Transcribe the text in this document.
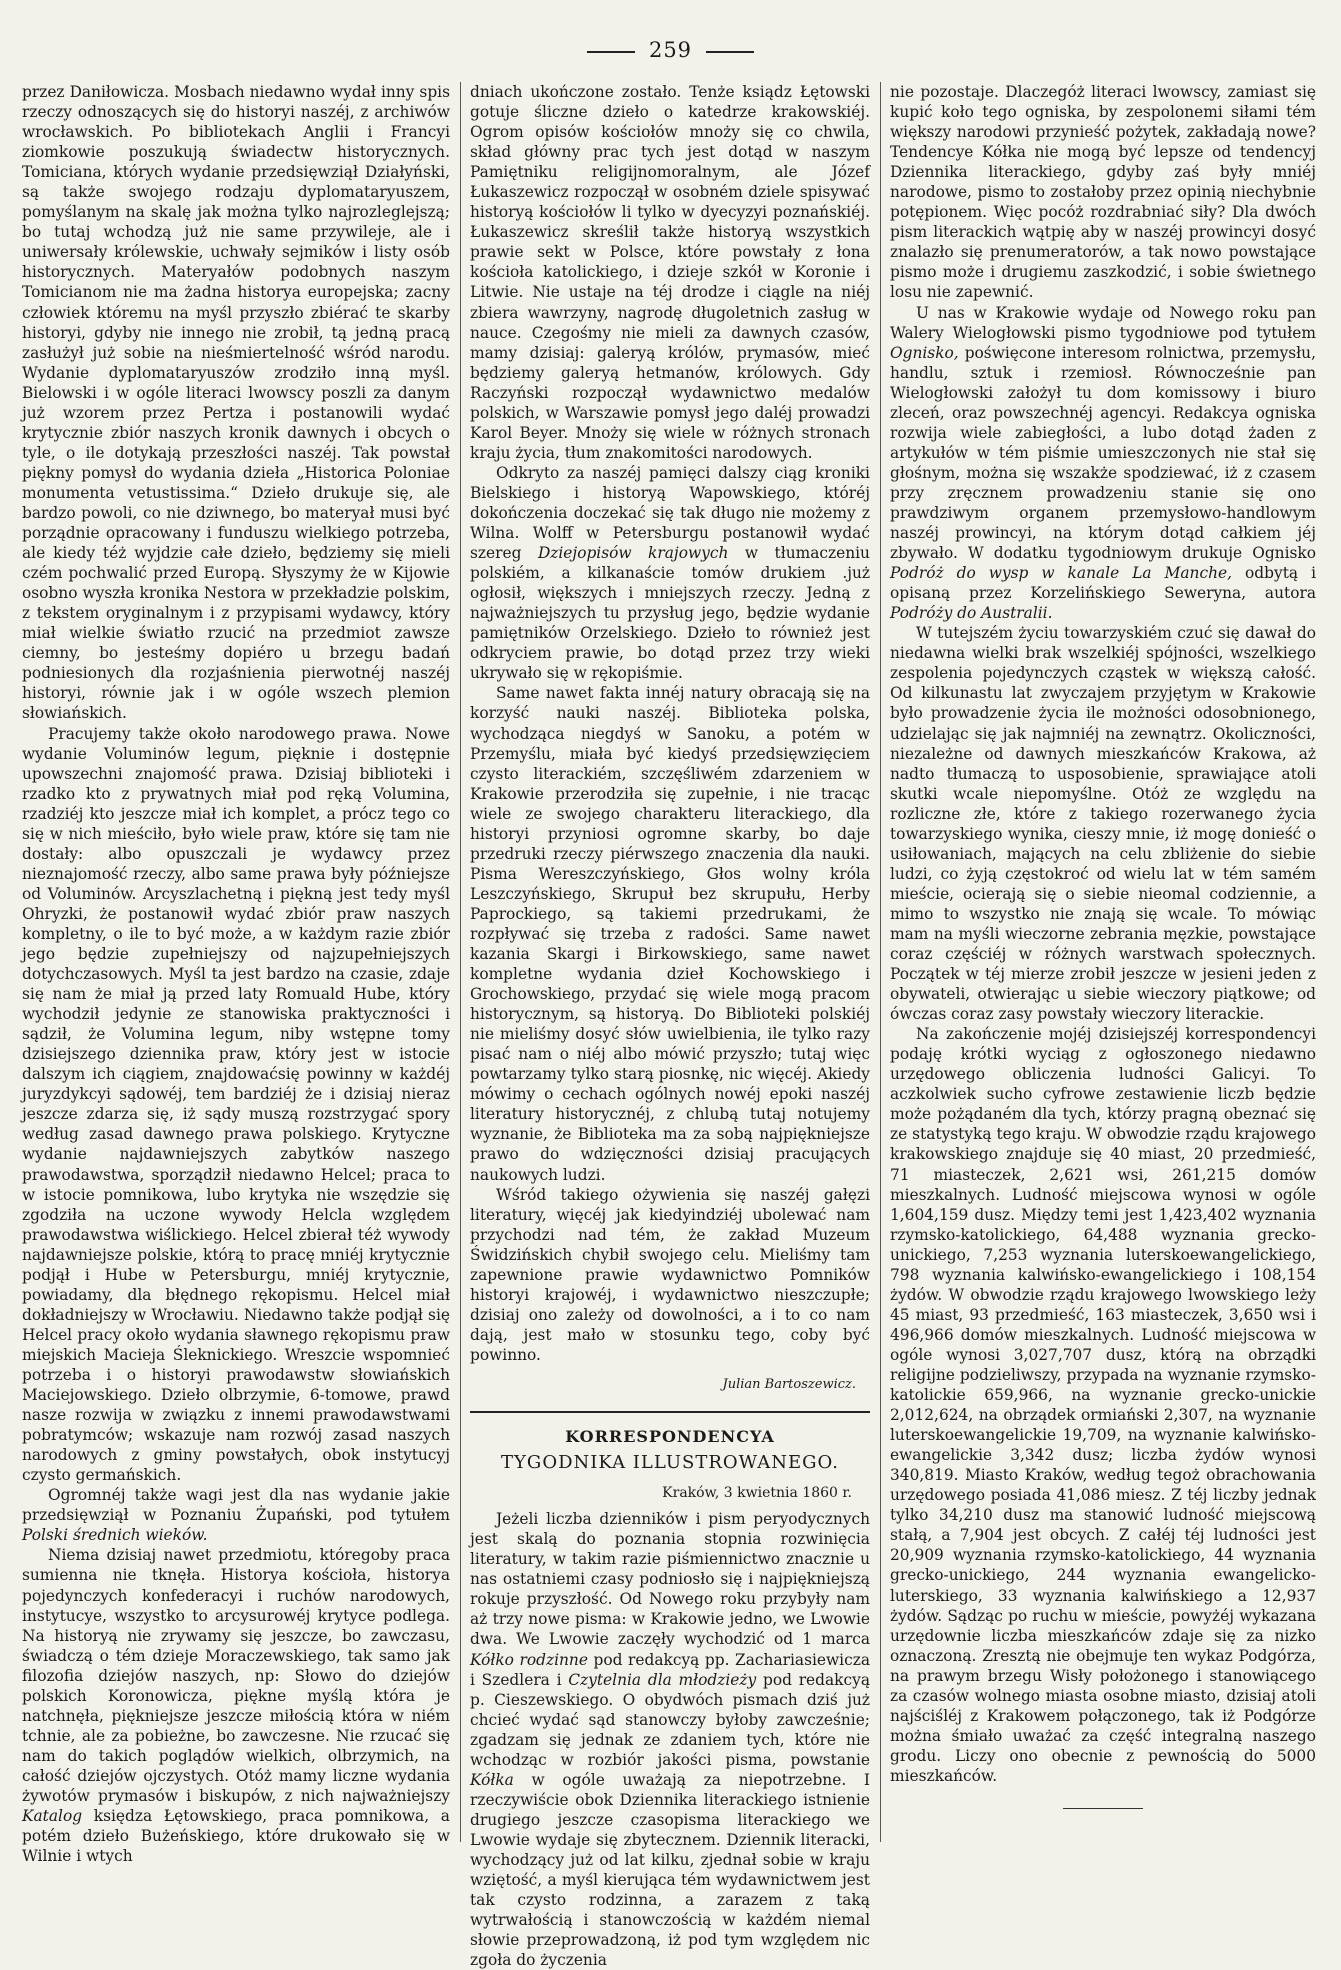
259

przez Daniłowicza. Mosbach niedawno wydał inny spis rzeczy odnoszących się do historyi naszéj, z archiwów wrocławskich. Po bibliotekach Anglii i Francyi ziomkowie poszukują świadectw historycznych. Tomiciana, których wydanie przedsięwziął Działyński, są także swojego rodzaju dyplomataryuszem, pomyślanym na skalę jak można tylko najrozleglejszą; bo tutaj wchodzą już nie same przywileje, ale i uniwersały królewskie, uchwały sejmików i listy osób historycznych. Materyałów podobnych naszym Tomicianom nie ma żadna historya europejska; zacny człowiek któremu na myśl przyszło zbiérać te skarby historyi, gdyby nie innego nie zrobił, tą jedną pracą zasłużył już sobie na nieśmiertelność wśród narodu. Wydanie dyplomataryuszów zrodziło inną myśl. Bielowski i w ogóle literaci lwowscy poszli za danym już wzorem przez Pertza i postanowili wydać krytycznie zbiór naszych kronik dawnych i obcych o tyle, o ile dotykają przeszłości naszéj. Tak powstał piękny pomysł do wydania dzieła „Historica Poloniae monumenta vetustissima.“ Dzieło drukuje się, ale bardzo powoli, co nie dziwnego, bo materyał musi być porządnie opracowany i funduszu wielkiego potrzeba, ale kiedy téż wyjdzie całe dzieło, będziemy się mieli czém pochwalić przed Europą. Słyszymy że w Kijowie osobno wyszła kronika Nestora w przekładzie polskim, z tekstem oryginalnym i z przypisami wydawcy, który miał wielkie światło rzucić na przedmiot zawsze ciemny, bo jesteśmy dopiéro u brzegu badań podniesionych dla rozjaśnienia pierwotnéj naszéj historyi, równie jak i w ogóle wszech plemion słowiańskich.

Pracujemy także około narodowego prawa. Nowe wydanie Voluminów legum, pięknie i dostępnie upowszechni znajomość prawa. Dzisiaj biblioteki i rzadko kto z prywatnych miał pod ręką Volumina, rzadziéj kto jeszcze miał ich komplet, a prócz tego co się w nich mieściło, było wiele praw, które się tam nie dostały: albo opuszczali je wydawcy przez nieznajomość rzeczy, albo same prawa były późniejsze od Voluminów. Arcyszlachetną i piękną jest tedy myśl Ohryzki, że postanowił wydać zbiór praw naszych kompletny, o ile to być może, a w każdym razie zbiór jego będzie zupełniejszy od najzupełniejszych dotychczasowych. Myśl ta jest bardzo na czasie, zdaje się nam że miał ją przed laty Romuald Hube, który wychodził jedynie ze stanowiska praktyczności i sądził, że Volumina legum, niby wstępne tomy dzisiejszego dziennika praw, który jest w istocie dalszym ich ciągiem, znajdowaćsię powinny w każdéj juryzdykcyi sądowéj, tem bardziéj że i dzisiaj nieraz jeszcze zdarza się, iż sądy muszą rozstrzygać spory według zasad dawnego prawa polskiego. Krytyczne wydanie najdawniejszych zabytków naszego prawodawstwa, sporządził niedawno Helcel; praca to w istocie pomnikowa, lubo krytyka nie wszędzie się zgodziła na uczone wywody Helcla względem prawodawstwa wiślickiego. Helcel zbierał téż wywody najdawniejsze polskie, którą to pracę mniéj krytycznie podjął i Hube w Petersburgu, mniéj krytycznie, powiadamy, dla błędnego rękopismu. Helcel miał dokładniejszy w Wrocławiu. Niedawno także podjął się Helcel pracy około wydania sławnego rękopismu praw miejskich Macieja Śleknickiego. Wreszcie wspomnieć potrzeba i o historyi prawodawstw słowiańskich Maciejowskiego. Dzieło olbrzymie, 6-tomowe, prawd nasze rozwija w związku z innemi prawodawstwami pobratymców; wskazuje nam rozwój zasad naszych narodowych z gminy powstałych, obok instytucyj czysto germańskich.

Ogromnéj także wagi jest dla nas wydanie jakie przedsięwziął w Poznaniu Żupański, pod tytułem Polski średnich wieków.

Niema dzisiaj nawet przedmiotu, któregoby praca sumienna nie tknęła. Historya kościoła, historya pojedynczych konfederacyi i ruchów narodowych, instytucye, wszystko to arcysurowéj krytyce podlega. Na historyą nie zrywamy się jeszcze, bo zawczasu, świadczą o tém dzieje Moraczewskiego, tak samo jak filozofia dziejów naszych, np: Słowo do dziejów polskich Koronowicza, piękne myślą która je natchnęła, piękniejsze jeszcze miłością która w niém tchnie, ale za pobieżne, bo zawczesne. Nie rzucać się nam do takich poglądów wielkich, olbrzymich, na całość dziejów ojczystych. Otóż mamy liczne wydania żywotów prymasów i biskupów, z nich najważniejszy Katalog księdza Łętowskiego, praca pomnikowa, a potém dzieło Bużeńskiego, które drukowało się w Wilnie i wtych

dniach ukończone zostało. Tenże ksiądz Łętowski gotuje śliczne dzieło o katedrze krakowskiéj. Ogrom opisów kościołów mnoży się co chwila, skład główny prac tych jest dotąd w naszym Pamiętniku religijnomoralnym, ale Józef Łukaszewicz rozpoczął w osobném dziele spisywać historyą kościołów li tylko w dyecyzyi poznańskiéj. Łukaszewicz skreślił także historyą wszystkich prawie sekt w Polsce, które powstały z łona kościoła katolickiego, i dzieje szkół w Koronie i Litwie. Nie ustaje na téj drodze i ciągle na niéj zbiera wawrzyny, nagrodę długoletnich zasług w nauce. Czegośmy nie mieli za dawnych czasów, mamy dzisiaj: galeryą królów, prymasów, mieć będziemy galeryą hetmanów, królowych. Gdy Raczyński rozpoczął wydawnictwo medalów polskich, w Warszawie pomysł jego daléj prowadzi Karol Beyer. Mnoży się wiele w różnych stronach kraju życia, tłum znakomitości narodowych.

Odkryto za naszéj pamięci dalszy ciąg kroniki Bielskiego i historyą Wapowskiego, któréj dokończenia doczekać się tak długo nie możemy z Wilna. Wolff w Petersburgu postanowił wydać szereg Dziejopisów krajowych w tłumaczeniu polskiém, a kilkanaście tomów drukiem .już ogłosił, większych i mniejszych rzeczy. Jedną z najważniejszych tu przysług jego, będzie wydanie pamiętników Orzelskiego. Dzieło to również jest odkryciem prawie, bo dotąd przez trzy wieki ukrywało się w rękopiśmie.

Same nawet fakta innéj natury obracają się na korzyść nauki naszéj. Biblioteka polska, wychodząca niegdyś w Sanoku, a potém w Przemyślu, miała być kiedyś przedsięwzięciem czysto literackiém, szczęśliwém zdarzeniem w Krakowie przerodziła się zupełnie, i nie tracąc wiele ze swojego charakteru literackiego, dla historyi przyniosi ogromne skarby, bo daje przedruki rzeczy piérwszego znaczenia dla nauki. Pisma Wereszczyńskiego, Głos wolny króla Leszczyńskiego, Skrupuł bez skrupułu, Herby Paprockiego, są takiemi przedrukami, że rozpływać się trzeba z radości. Same nawet kazania Skargi i Birkowskiego, same nawet kompletne wydania dzieł Kochowskiego i Grochowskiego, przydać się wiele mogą pracom historycznym, są historyą. Do Biblioteki polskiéj nie mieliśmy dosyć słów uwielbienia, ile tylko razy pisać nam o niéj albo mówić przyszło; tutaj więc powtarzamy tylko starą piosnkę, nic więcéj. Akiedy mówimy o cechach ogólnych nowéj epoki naszéj literatury historycznéj, z chlubą tutaj notujemy wyznanie, że Biblioteka ma za sobą najpiękniejsze prawo do wdzięczności dzisiaj pracujących naukowych ludzi.

Wśród takiego ożywienia się naszéj gałęzi literatury, więcéj jak kiedyindziéj ubolewać nam przychodzi nad tém, że zakład Muzeum Świdzińskich chybił swojego celu. Mieliśmy tam zapewnione prawie wydawnictwo Pomników historyi krajowéj, i wydawnictwo nieszczupłe; dzisiaj ono zależy od dowolności, a i to co nam dają, jest mało w stosunku tego, coby być powinno.

Julian Bartoszewicz.
KORRESPONDENCYA
TYGODNIKA ILLUSTROWANEGO.
Kraków, 3 kwietnia 1860 r.

Jeżeli liczba dzienników i pism peryodycznych jest skalą do poznania stopnia rozwinięcia literatury, w takim razie piśmiennictwo znacznie u nas ostatniemi czasy podniosło się i najpiękniejszą rokuje przyszłość. Od Nowego roku przybyły nam aż trzy nowe pisma: w Krakowie jedno, we Lwowie dwa. We Lwowie zaczęły wychodzić od 1 marca Kółko rodzinne pod redakcyą pp. Zachariasiewicza i Szedlera i Czytelnia dla młodzieży pod redakcyą p. Cieszewskiego. O obydwóch pismach dziś już chcieć wydać sąd stanowczy byłoby zawcześnie; zgadzam się jednak ze zdaniem tych, które nie wchodząc w rozbiór jakości pisma, powstanie Kółka w ogóle uważają za niepotrzebne. I rzeczywiście obok Dziennika literackiego istnienie drugiego jeszcze czasopisma literackiego we Lwowie wydaje się zbytecznem. Dziennik literacki, wychodzący już od lat kilku, zjednał sobie w kraju wziętość, a myśl kierująca tém wydawnictwem jest tak czysto rodzinna, a zarazem z taką wytrwałością i stanowczością w każdém niemal słowie przeprowadzoną, iż pod tym względem nic zgoła do życzenia

nie pozostaje. Dlaczegóż literaci lwowscy, zamiast się kupić koło tego ogniska, by zespolonemi siłami tém większy narodowi przynieść pożytek, zakładają nowe? Tendencye Kółka nie mogą być lepsze od tendencyj Dziennika literackiego, gdyby zaś były mniéj narodowe, pismo to zostałoby przez opinią niechybnie potępionem. Więc pocóż rozdrabniać siły? Dla dwóch pism literackich wątpię aby w naszéj prowincyi dosyć znalazło się prenumeratorów, a tak nowo powstające pismo może i drugiemu zaszkodzić, i sobie świetnego losu nie zapewnić.

U nas w Krakowie wydaje od Nowego roku pan Walery Wielogłowski pismo tygodniowe pod tytułem Ognisko, poświęcone interesom rolnictwa, przemysłu, handlu, sztuk i rzemiosł. Równocześnie pan Wielogłowski założył tu dom komissowy i biuro zleceń, oraz powszechnéj agencyi. Redakcya ogniska rozwija wiele zabiegłości, a lubo dotąd żaden z artykułów w tém piśmie umieszczonych nie stał się głośnym, można się wszakże spodziewać, iż z czasem przy zręcznem prowadzeniu stanie się ono prawdziwym organem przemysłowo-handlowym naszéj prowincyi, na którym dotąd całkiem jéj zbywało. W dodatku tygodniowym drukuje Ognisko Podróż do wysp w kanale La Manche, odbytą i opisaną przez Korzelińskiego Seweryna, autora Podróży do Australii.

W tutejszém życiu towarzyskiém czuć się dawał do niedawna wielki brak wszelkiéj spójności, wszelkiego zespolenia pojedynczych cząstek w większą całość. Od kilkunastu lat zwyczajem przyjętym w Krakowie było prowadzenie życia ile możności odosobnionego, udzielając się jak najmniéj na zewnątrz. Okoliczności, niezależne od dawnych mieszkańców Krakowa, aż nadto tłumaczą to usposobienie, sprawiające atoli skutki wcale niepomyślne. Otóż ze względu na rozliczne złe, które z takiego rozerwanego życia towarzyskiego wynika, cieszy mnie, iż mogę donieść o usiłowaniach, mających na celu zbliżenie do siebie ludzi, co żyją częstokroć od wielu lat w tém samém mieście, ocierają się o siebie nieomal codziennie, a mimo to wszystko nie znają się wcale. To mówiąc mam na myśli wieczorne zebrania męzkie, powstające coraz częściéj w różnych warstwach społecznych. Początek w téj mierze zrobił jeszcze w jesieni jeden z obywateli, otwierając u siebie wieczory piątkowe; od ówczas coraz zasy powstały wieczory literackie.

Na zakończenie mojéj dzisiejszéj korrespondencyi podaję krótki wyciąg z ogłoszonego niedawno urzędowego obliczenia ludności Galicyi. To aczkolwiek sucho cyfrowe zestawienie liczb będzie może pożądaném dla tych, którzy pragną obeznać się ze statystyką tego kraju. W obwodzie rządu krajowego krakowskiego znajduje się 40 miast, 20 przedmieść, 71 miasteczek, 2,621 wsi, 261,215 domów mieszkalnych. Ludność miejscowa wynosi w ogóle 1,604,159 dusz. Między temi jest 1,423,402 wyznania rzymsko-katolickiego, 64,488 wyznania grecko-unickiego, 7,253 wyznania luterskoewangelickiego, 798 wyznania kalwińsko-ewangelickiego i 108,154 żydów. W obwodzie rządu krajowego lwowskiego leży 45 miast, 93 przedmieść, 163 miasteczek, 3,650 wsi i 496,966 domów mieszkalnych. Ludność miejscowa w ogóle wynosi 3,027,707 dusz, którą na obrządki religijne podzieliwszy, przypada na wyznanie rzymsko-katolickie 659,966, na wyznanie grecko-unickie 2,012,624, na obrządek ormiański 2,307, na wyznanie luterskoewangelickie 19,709, na wyznanie kalwińsko-ewangelickie 3,342 dusz; liczba żydów wynosi 340,819. Miasto Kraków, według tegoż obrachowania urzędowego posiada 41,086 miesz. Z téj liczby jednak tylko 34,210 dusz ma stanowić ludność miejscową stałą, a 7,904 jest obcych. Z całéj téj ludności jest 20,909 wyznania rzymsko-katolickiego, 44 wyznania grecko-unickiego, 244 wyznania ewangelicko-luterskiego, 33 wyznania kalwińskiego a 12,937 żydów. Sądząc po ruchu w mieście, powyżéj wykazana urzędownie liczba mieszkańców zdaje się za nizko oznaczoną. Zresztą nie obejmuje ten wykaz Podgórza, na prawym brzegu Wisły położonego i stanowiącego za czasów wolnego miasta osobne miasto, dzisiaj atoli najściśléj z Krakowem połączonego, tak iż Podgórze można śmiało uważać za część integralną naszego grodu. Liczy ono obecnie z pewnością do 5000 mieszkańców.
